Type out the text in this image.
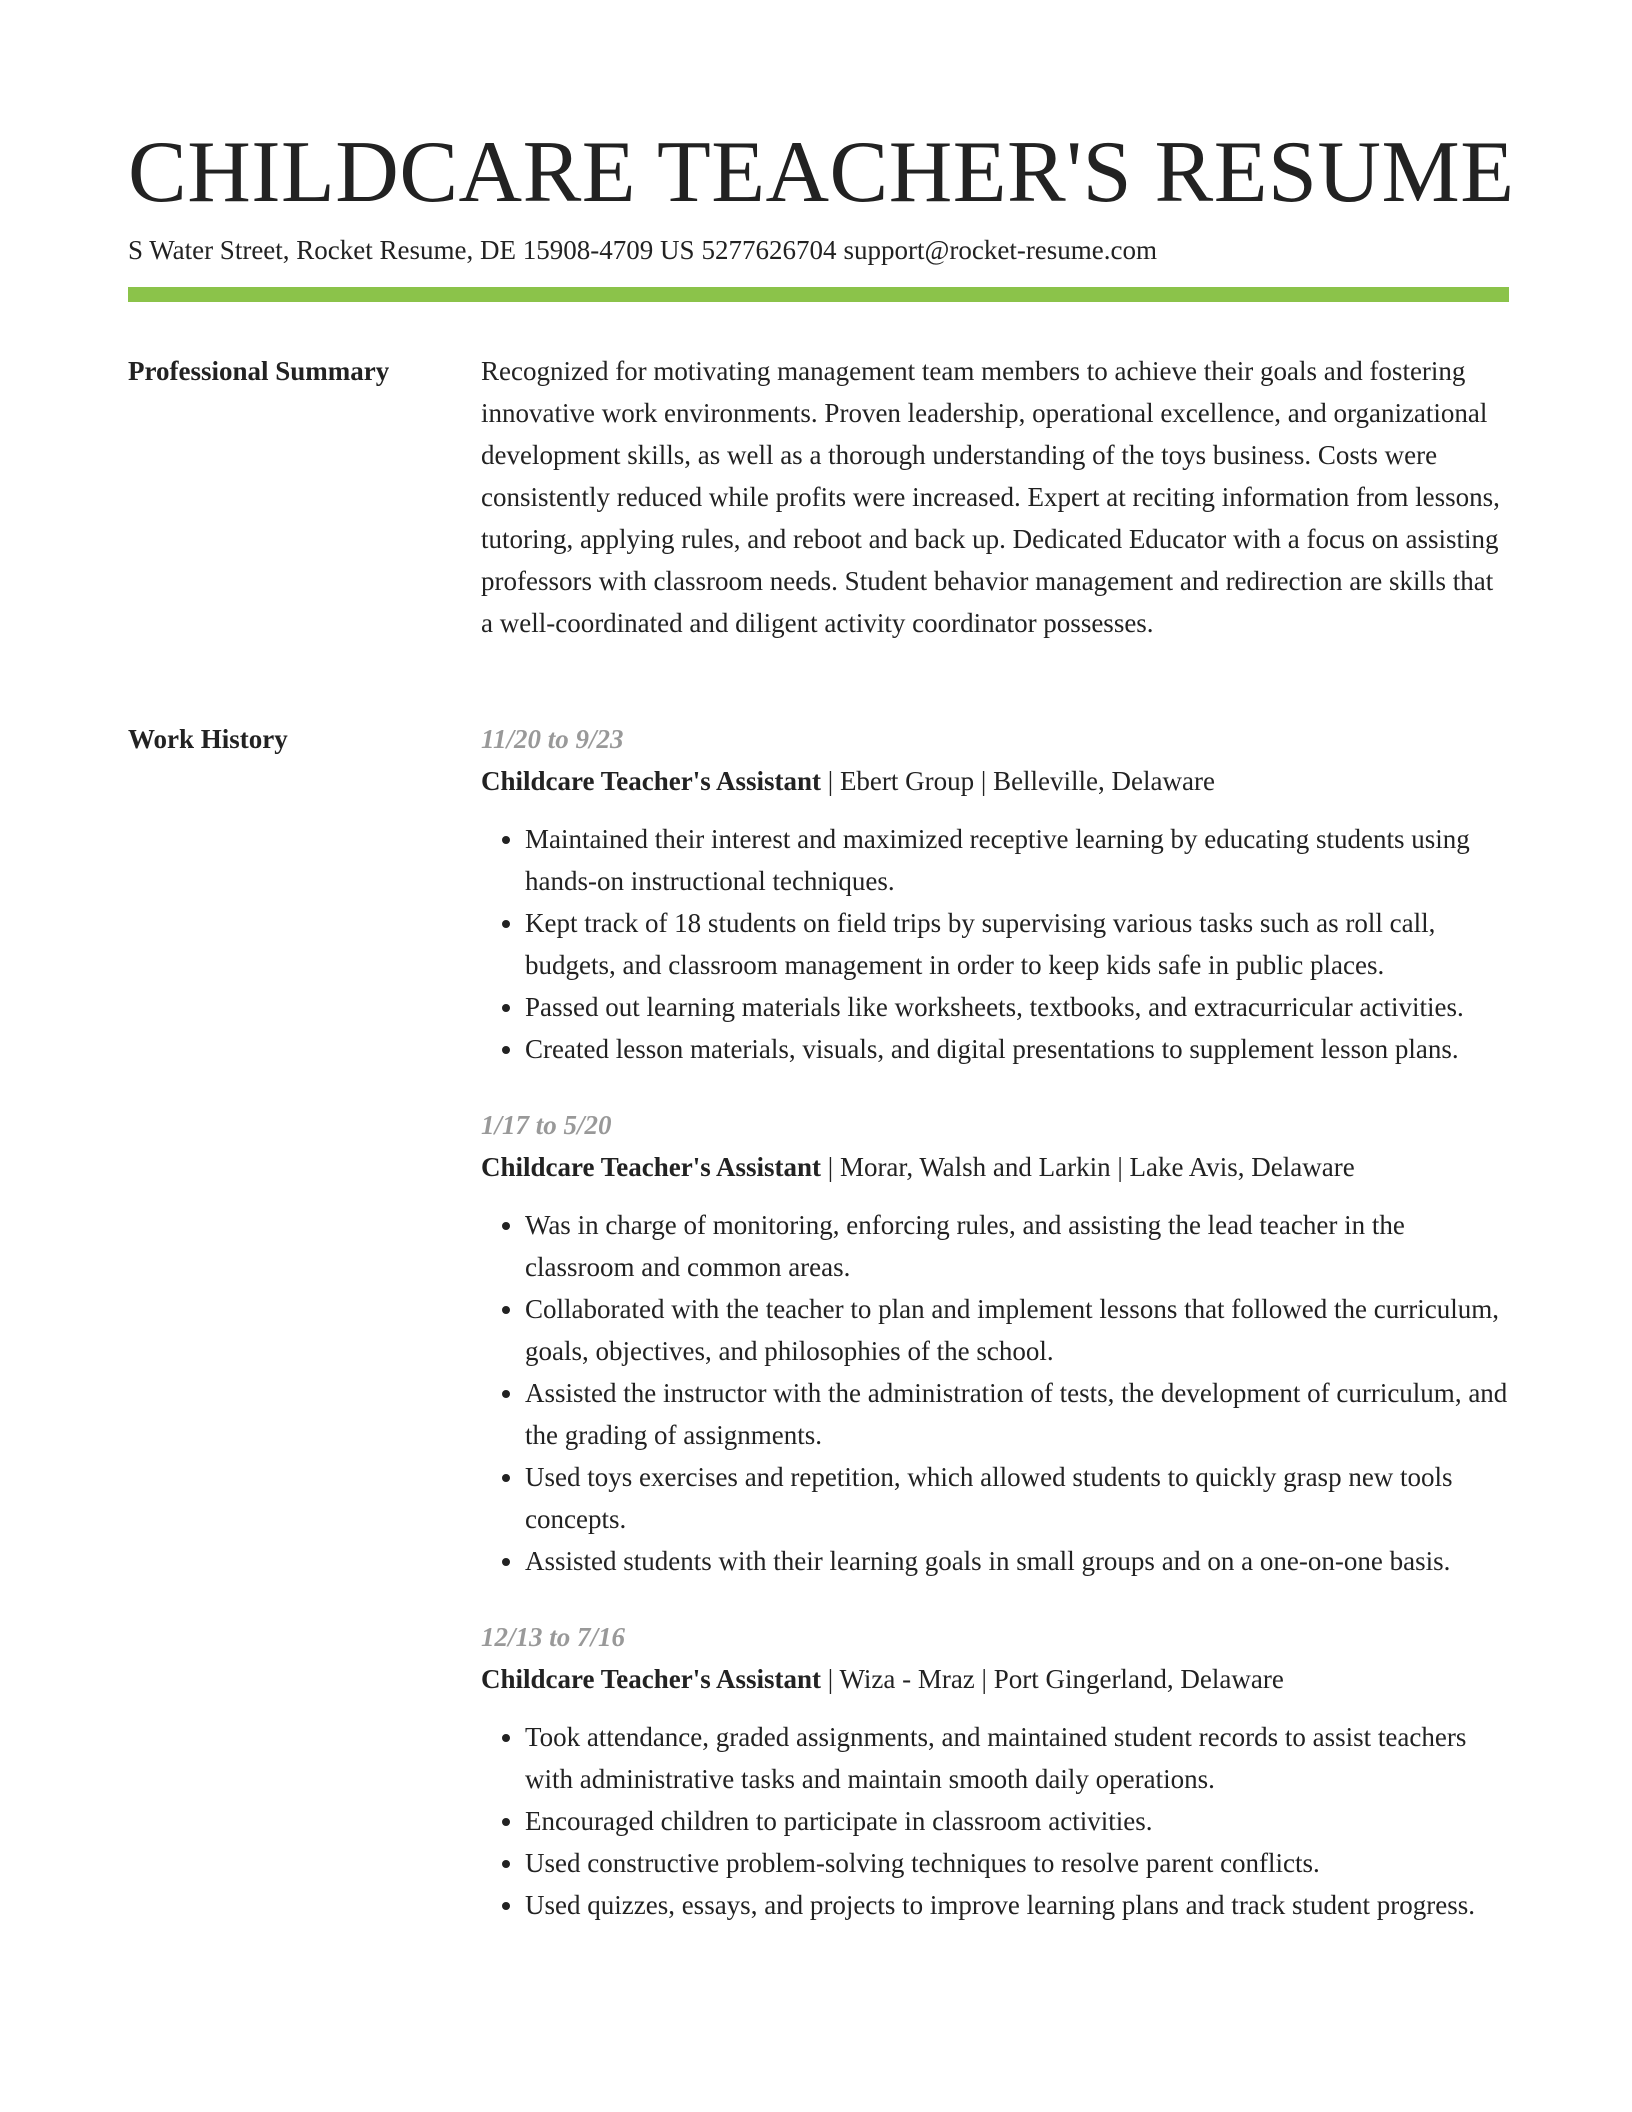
CHILDCARE TEACHER'S RESUME
S Water Street, Rocket Resume, DE 15908-4709 US 5277626704 support@rocket-resume.com
Professional Summary	Recognized for motivating management team members to achieve their goals and fostering innovative work environments. Proven leadership, operational excellence, and organizational development skills, as well as a thorough understanding of the toys business. Costs were consistently reduced while profits were increased. Expert at reciting information from lessons, tutoring, applying rules, and reboot and back up. Dedicated Educator with a focus on assisting professors with classroom needs. Student behavior management and redirection are skills that a well-coordinated and diligent activity coordinator possesses.

Work History	11/20 to 9/23
Childcare Teacher's Assistant | Ebert Group | Belleville, Delaware
• Maintained their interest and maximized receptive learning by educating students using hands-on instructional techniques.
• Kept track of 18 students on field trips by supervising various tasks such as roll call, budgets, and classroom management in order to keep kids safe in public places.
• Passed out learning materials like worksheets, textbooks, and extracurricular activities.
• Created lesson materials, visuals, and digital presentations to supplement lesson plans.
1/17 to 5/20
Childcare Teacher's Assistant | Morar, Walsh and Larkin | Lake Avis, Delaware
• Was in charge of monitoring, enforcing rules, and assisting the lead teacher in the classroom and common areas.
• Collaborated with the teacher to plan and implement lessons that followed the curriculum, goals, objectives, and philosophies of the school.
• Assisted the instructor with the administration of tests, the development of curriculum, and the grading of assignments.
• Used toys exercises and repetition, which allowed students to quickly grasp new tools concepts.
• Assisted students with their learning goals in small groups and on a one-on-one basis.
12/13 to 7/16
Childcare Teacher's Assistant | Wiza - Mraz | Port Gingerland, Delaware
• Took attendance, graded assignments, and maintained student records to assist teachers with administrative tasks and maintain smooth daily operations.
• Encouraged children to participate in classroom activities.
• Used constructive problem-solving techniques to resolve parent conflicts.
• Used quizzes, essays, and projects to improve learning plans and track student progress.
